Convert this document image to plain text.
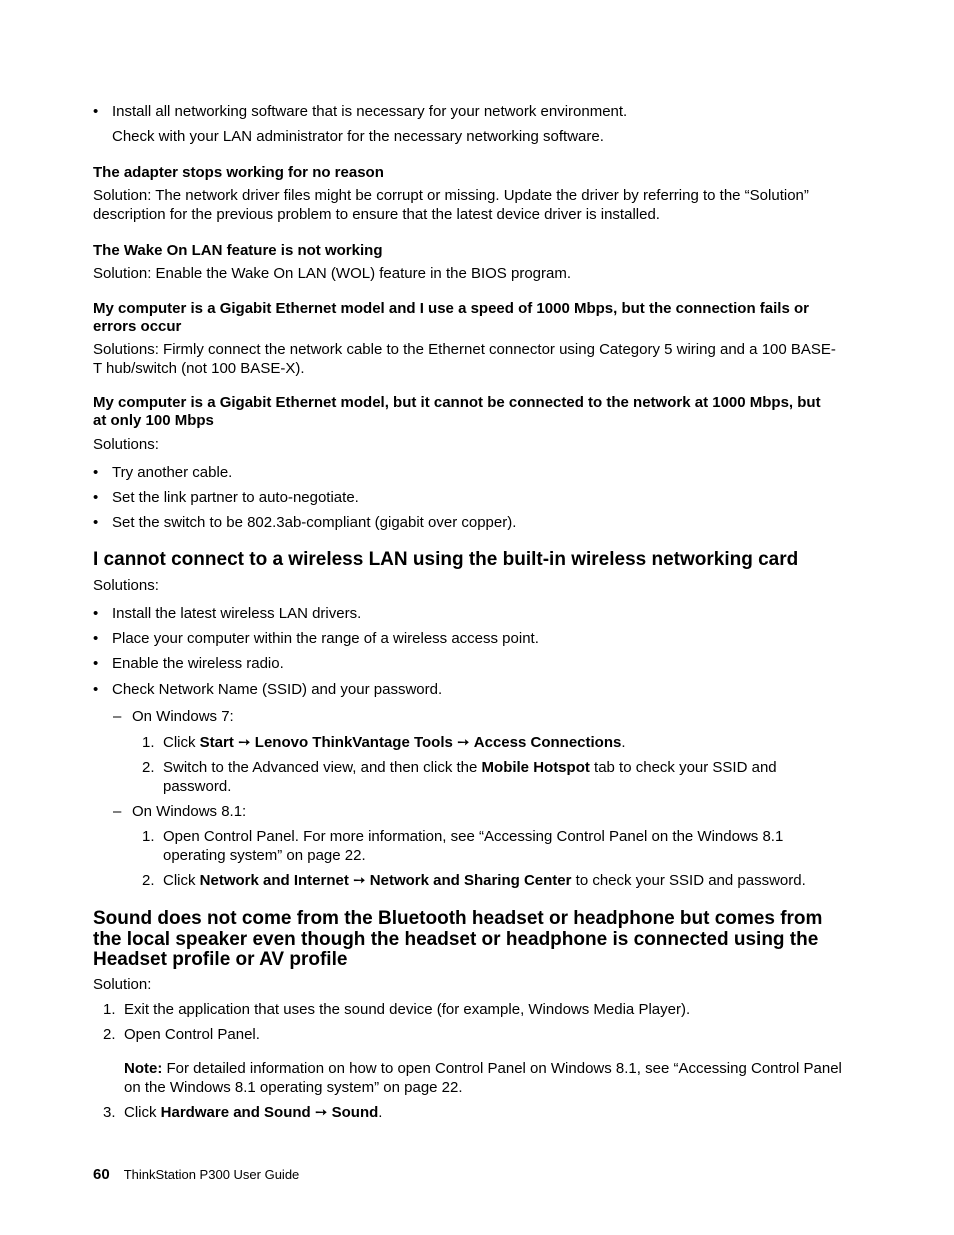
• Install all networking software that is necessary for your network environment.
Check with your LAN administrator for the necessary networking software.
The adapter stops working for no reason
Solution: The network driver files might be corrupt or missing. Update the driver by referring to the “Solution” description for the previous problem to ensure that the latest device driver is installed.
The Wake On LAN feature is not working
Solution: Enable the Wake On LAN (WOL) feature in the BIOS program.
My computer is a Gigabit Ethernet model and I use a speed of 1000 Mbps, but the connection fails or errors occur
Solutions: Firmly connect the network cable to the Ethernet connector using Category 5 wiring and a 100 BASE-T hub/switch (not 100 BASE-X).
My computer is a Gigabit Ethernet model, but it cannot be connected to the network at 1000 Mbps, but at only 100 Mbps
Solutions:
• Try another cable.
• Set the link partner to auto-negotiate.
• Set the switch to be 802.3ab-compliant (gigabit over copper).
I cannot connect to a wireless LAN using the built-in wireless networking card
Solutions:
• Install the latest wireless LAN drivers.
• Place your computer within the range of a wireless access point.
• Enable the wireless radio.
• Check Network Name (SSID) and your password.
– On Windows 7:
1. Click Start ➙ Lenovo ThinkVantage Tools ➙ Access Connections.
2. Switch to the Advanced view, and then click the Mobile Hotspot tab to check your SSID and password.
– On Windows 8.1:
1. Open Control Panel. For more information, see “Accessing Control Panel on the Windows 8.1 operating system” on page 22.
2. Click Network and Internet ➙ Network and Sharing Center to check your SSID and password.
Sound does not come from the Bluetooth headset or headphone but comes from the local speaker even though the headset or headphone is connected using the Headset profile or AV profile
Solution:
1. Exit the application that uses the sound device (for example, Windows Media Player).
2. Open Control Panel.
Note: For detailed information on how to open Control Panel on Windows 8.1, see “Accessing Control Panel on the Windows 8.1 operating system” on page 22.
3. Click Hardware and Sound ➙ Sound.
60 ThinkStation P300 User Guide
